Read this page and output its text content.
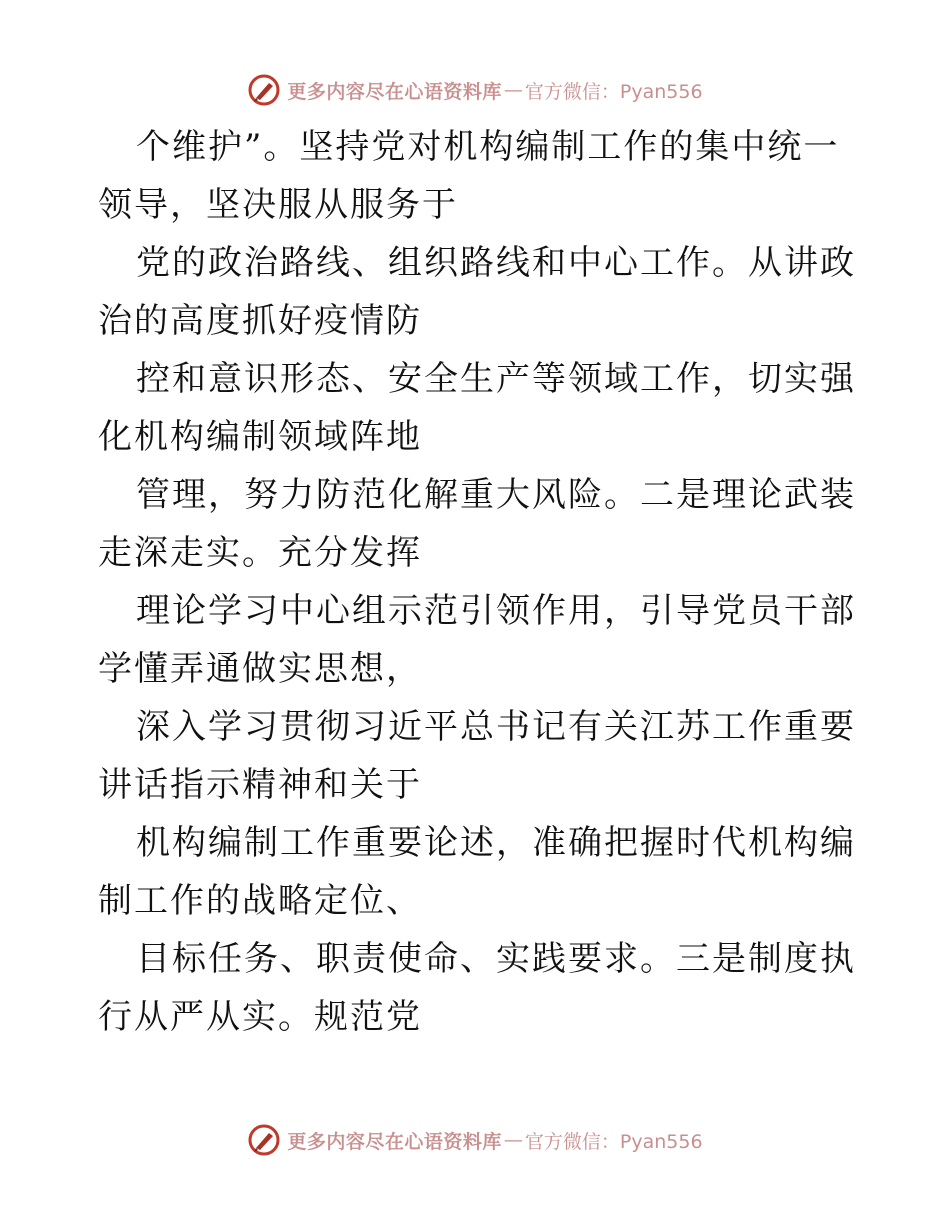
更多内容尽在心语资料库 — 官方微信：Pyan556

个维护”。坚持党对机构编制工作的集中统一领导，坚决服从服务于

党的政治路线、组织路线和中心工作。从讲政治的高度抓好疫情防

控和意识形态、安全生产等领域工作，切实强化机构编制领域阵地

管理，努力防范化解重大风险。二是理论武装走深走实。充分发挥

理论学习中心组示范引领作用，引导党员干部学懂弄通做实思想，

深入学习贯彻习近平总书记有关江苏工作重要讲话指示精神和关于

机构编制工作重要论述，准确把握时代机构编制工作的战略定位、

目标任务、职责使命、实践要求。三是制度执行从严从实。规范党

更多内容尽在心语资料库 — 官方微信：Pyan556
